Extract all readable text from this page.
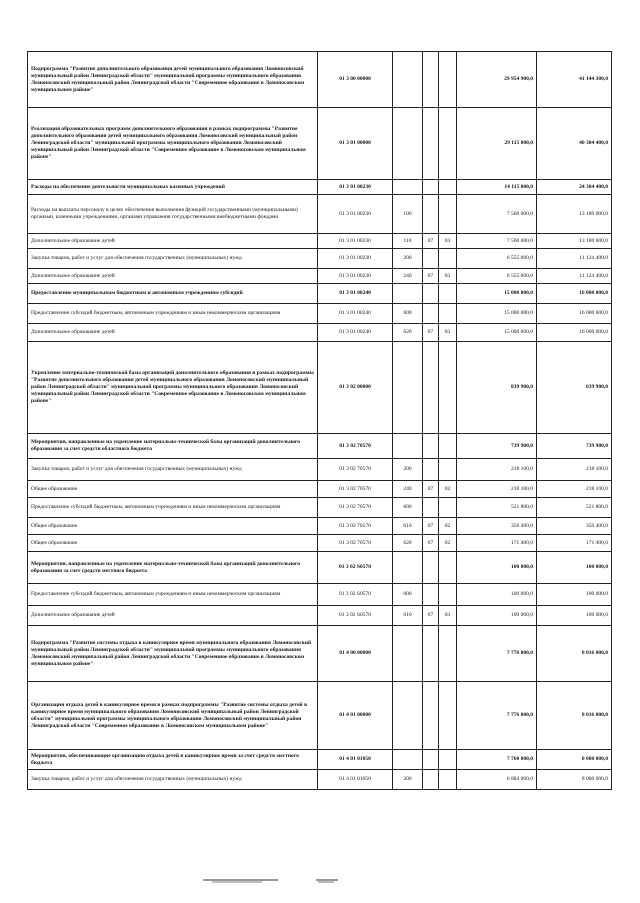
Подпрограмма "Развитие дополнительного образования детей муниципального образования Ломоносовский муниципальный район Ленинградской области" муниципальной программы муниципального образования Ломоносовский муниципальный район Ленинградской области "Современное образование в Ломоносовском муниципальном районе"	01 3 00 00000				29 954 900,0	41 144 300,0
Реализация образовательных программ дополнительного образования в рамках подпрограммы "Развитие дополнительного образования детей муниципального образования Ломоносовский муниципальный район Ленинградской области" муниципальной программы муниципального образования Ломоносовский муниципальный район Ленинградской области "Современное образование в Ломоносовском муниципальном районе"	01 3 01 00000				29 115 000,0	40 304 400,0
Расходы на обеспечение деятельности муниципальных казенных учреждений	01 3 01 00230				14 115 000,0	24 304 400,0
Расходы на выплаты персоналу в целях обеспечения выполнения функций государственными (муниципальными) органами, казенными учреждениями, органами управления государственными внебюджетными фондами	01 3 01 00230	100			7 560 000,0	13 180 000,0
Дополнительное образование детей	01 3 01 00230	110	07	03	7 560 000,0	13 180 000,0
Закупка товаров, работ и услуг для обеспечения государственных (муниципальных) нужд	01 3 01 00230	200			6 555 000,0	11 124 400,0
Дополнительное образование детей	01 3 01 00230	240	07	03	6 555 000,0	11 124 400,0
Предоставление муниципальным бюджетным и автономным учреждениям субсидий	01 3 01 00240				15 000 000,0	16 000 000,0
Предоставление субсидий бюджетным, автономным учреждениям и иным некоммерческим организациям	01 3 01 00240	600			15 000 000,0	16 000 000,0
Дополнительное образование детей	01 3 01 00240	620	07	03	15 000 000,0	16 000 000,0
Укрепление материально-технической базы организаций дополнительного образования в рамках подпрограммы "Развитие дополнительного образования детей муниципального образования Ломоносовский муниципальный район Ленинградской области" муниципальной программы муниципального образования Ломоносовский муниципальный район Ленинградской области "Современное образование в Ломоносовском муниципальном районе"	01 3 02 00000				839 900,0	839 900,0
Мероприятия, направленные на укрепление материально-технической базы организаций дополнительного образования за счет средств областного бюджета	01 3 02 70570				739 900,0	739 900,0
Закупка товаров, работ и услуг для обеспечения государственных (муниципальных) нужд	01 3 02 70570	200			218 100,0	218 100,0
Общее образование	01 3 02 70570	240	07	02	218 100,0	218 100,0
Предоставление субсидий бюджетным, автономным учреждениям и иным некоммерческим организациям	01 3 02 70570	600			521 800,0	521 800,0
Общее образование	01 3 02 70570	610	07	02	350 400,0	350 400,0
Общее образование	01 3 02 70570	620	07	02	171 400,0	171 400,0
Мероприятия, направленные на укрепление материально-технической базы организаций дополнительного образования за счет средств местного бюджета	01 3 02 S0570				100 000,0	100 000,0
Предоставление субсидий бюджетным, автономным учреждениям и иным некоммерческим организациям	01 3 02 S0570	600			100 000,0	100 000,0
Дополнительное образование детей	01 3 02 S0570	610	07	03	100 000,0	100 000,0
Подпрограмма "Развитие системы отдыха в каникулярное время муниципального образования Ломоносовский муниципальный район Ленинградской области" муниципальной программы муниципального образования Ломоносовский муниципальный район Ленинградской области "Современное образование в Ломоносовском муниципальном районе"	01 4 00 00000				7 776 000,0	8 016 000,0
Организация отдыха детей в каникулярное время в рамках подпрограммы "Развитие системы отдыха детей в каникулярное время муниципального образования Ломоносовский муниципальный район Ленинградской области" муниципальной программы муниципального образования Ломоносовский муниципальный район Ленинградской области "Современное образование в Ломоносовском муниципальном районе"	01 4 01 00000				7 776 000,0	8 016 000,0
Мероприятия, обеспечивающие организацию отдыха детей в каникулярное время за счет средств местного бюджета	01 4 01 01050				7 760 000,0	8 000 000,0
Закупка товаров, работ и услуг для обеспечения государственных (муниципальных) нужд	01 4 01 01050	200			6 884 000,0	8 000 000,0
